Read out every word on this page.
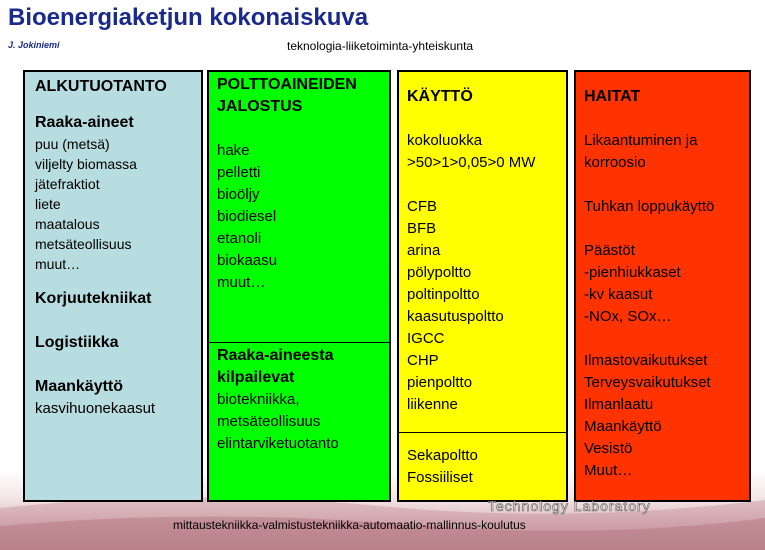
Bioenergiaketjun kokonaiskuva
J. Jokiniemi	teknologia-liiketoiminta-yhteiskunta
ALKUTUOTANTO
Raaka-aineet
puu (metsä)
viljelty biomassa
jätefraktiot
liete
maatalous
metsäteollisuus
muut…
Korjuutekniikat
Logistiikka
Maankäyttö
kasvihuonekaasut
POLTTOAINEIDEN
JALOSTUS
hake
pelletti
bioöljy
biodiesel
etanoli
biokaasu
muut…
Raaka-aineesta
kilpailevat
biotekniikka,
metsäteollisuus
elintarviketuotanto
KÄYTTÖ
kokoluokka
>50>1>0,05>0 MW
CFB
BFB
arina
pölypoltto
poltinpoltto
kaasutuspoltto
IGCC
CHP
pienpoltto
liikenne
Sekapoltto
Fossiiliset
HAITAT
Likaantuminen ja
korroosio
Tuhkan loppukäyttö
Päästöt
-pienhiukkaset
-kv kaasut
-NOx, SOx…
Ilmastovaikutukset
Terveysvaikutukset
Ilmanlaatu
Maankäyttö
Vesistö
Muut…
Technology Laboratory
mittaustekniikka-valmistustekniikka-automaatio-mallinnus-koulutus
